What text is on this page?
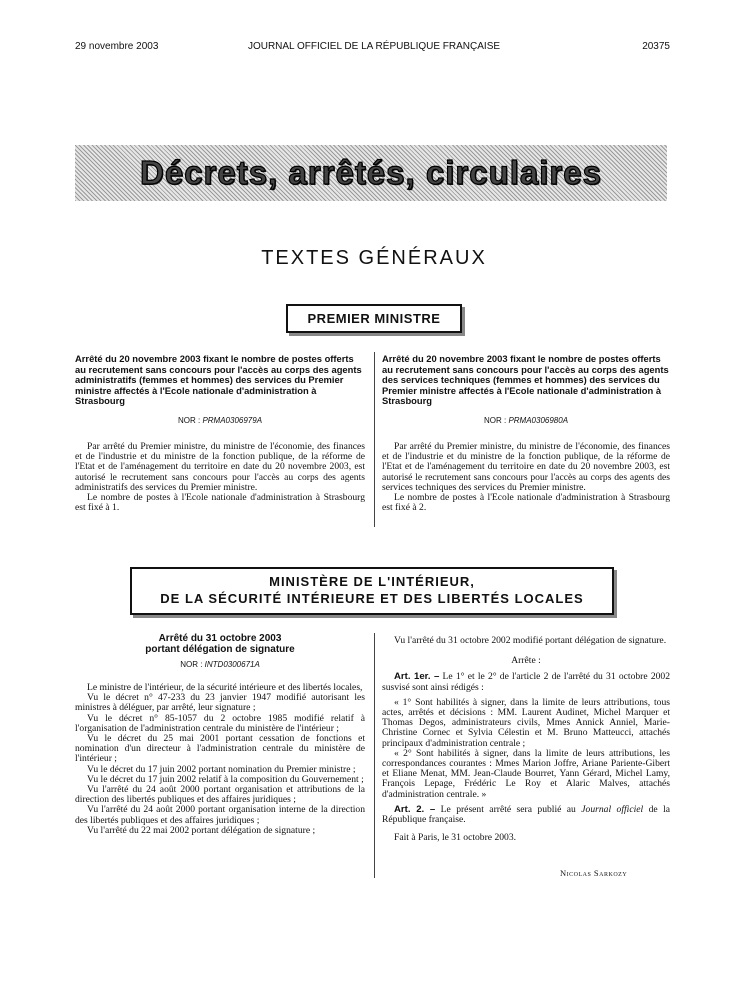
29 novembre 2003	JOURNAL OFFICIEL DE LA RÉPUBLIQUE FRANÇAISE	20375
Décrets, arrêtés, circulaires
TEXTES GÉNÉRAUX
PREMIER MINISTRE
Arrêté du 20 novembre 2003 fixant le nombre de postes offerts au recrutement sans concours pour l'accès au corps des agents administratifs (femmes et hommes) des services du Premier ministre affectés à l'Ecole nationale d'administration à Strasbourg
NOR : PRMA0306979A

Par arrêté du Premier ministre, du ministre de l'économie, des finances et de l'industrie et du ministre de la fonction publique, de la réforme de l'Etat et de l'aménagement du territoire en date du 20 novembre 2003, est autorisé le recrutement sans concours pour l'accès au corps des agents administratifs des services du Premier ministre.

Le nombre de postes à l'Ecole nationale d'administration à Strasbourg est fixé à 1.

Arrêté du 20 novembre 2003 fixant le nombre de postes offerts au recrutement sans concours pour l'accès au corps des agents des services techniques (femmes et hommes) des services du Premier ministre affectés à l'Ecole nationale d'administration à Strasbourg
NOR : PRMA0306980A

Par arrêté du Premier ministre, du ministre de l'économie, des finances et de l'industrie et du ministre de la fonction publique, de la réforme de l'Etat et de l'aménagement du territoire en date du 20 novembre 2003, est autorisé le recrutement sans concours pour l'accès au corps des agents des services techniques des services du Premier ministre.

Le nombre de postes à l'Ecole nationale d'administration à Strasbourg est fixé à 2.

MINISTÈRE DE L'INTÉRIEUR,
DE LA SÉCURITÉ INTÉRIEURE ET DES LIBERTÉS LOCALES
Arrêté du 31 octobre 2003
portant délégation de signature
NOR : INTD0300671A

Le ministre de l'intérieur, de la sécurité intérieure et des libertés locales,

Vu le décret n° 47-233 du 23 janvier 1947 modifié autorisant les ministres à déléguer, par arrêté, leur signature ;

Vu le décret n° 85-1057 du 2 octobre 1985 modifié relatif à l'organisation de l'administration centrale du ministère de l'intérieur ;

Vu le décret du 25 mai 2001 portant cessation de fonctions et nomination d'un directeur à l'administration centrale du ministère de l'intérieur ;

Vu le décret du 17 juin 2002 portant nomination du Premier ministre ;

Vu le décret du 17 juin 2002 relatif à la composition du Gouvernement ;

Vu l'arrêté du 24 août 2000 portant organisation et attributions de la direction des libertés publiques et des affaires juridiques ;

Vu l'arrêté du 24 août 2000 portant organisation interne de la direction des libertés publiques et des affaires juridiques ;

Vu l'arrêté du 22 mai 2002 portant délégation de signature ;

Vu l'arrêté du 31 octobre 2002 modifié portant délégation de signature.

Arrête :

Art. 1er. – Le 1° et le 2° de l'article 2 de l'arrêté du 31 octobre 2002 susvisé sont ainsi rédigés :

« 1° Sont habilités à signer, dans la limite de leurs attributions, tous actes, arrêtés et décisions : MM. Laurent Audinet, Michel Marquer et Thomas Degos, administrateurs civils, Mmes Annick Anniel, Marie-Christine Cornec et Sylvia Célestin et M. Bruno Matteucci, attachés principaux d'administration centrale ;

« 2° Sont habilités à signer, dans la limite de leurs attributions, les correspondances courantes : Mmes Marion Joffre, Ariane Pariente-Gibert et Eliane Menat, MM. Jean-Claude Bourret, Yann Gérard, Michel Lamy, François Lepage, Frédéric Le Roy et Alaric Malves, attachés d'administration centrale. »

Art. 2. – Le présent arrêté sera publié au Journal officiel de la République française.

Fait à Paris, le 31 octobre 2003.

Nicolas Sarkozy
